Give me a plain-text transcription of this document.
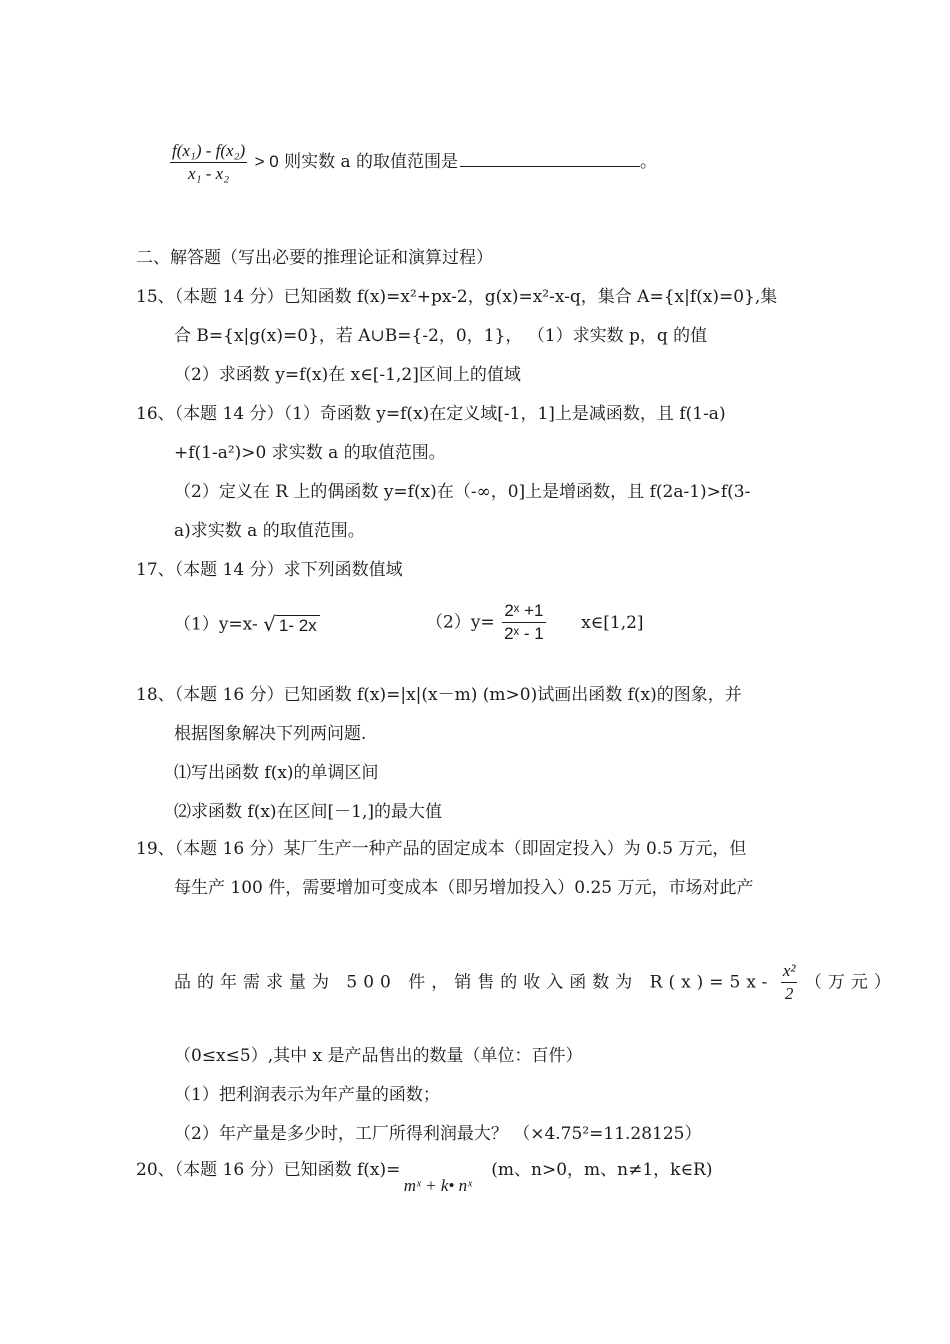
$\frac{\text{f(x₁) - f(x₂)}}{\text{x₁ - x₂}} > 0$ 则实数 a 的取值范围是	。
二、解答题（写出必要的推理论证和演算过程）
15、（本题 14 分）已知函数 f(x)=x²+px-2，g(x)=x²-x-q，集合 A={x|f(x)=0},集
合 B={x|g(x)=0}，若 A∪B={-2，0，1}， （1）求实数 p，q 的值
（2）求函数 y=f(x)在 x∈[-1,2]区间上的值域
16、（本题 14 分）（1）奇函数 y=f(x)在定义域[-1，1]上是减函数，且 f(1-a)
+f(1-a²)>0 求实数 a 的取值范围。
（2）定义在 R 上的偶函数 y=f(x)在（-∞，0]上是增函数，且 f(2a-1)>f(3-
a)求实数 a 的取值范围。
17、（本题 14 分）求下列函数值域
（1）y=x- √ 1- 2x	$(2)y= \frac{\text{2ˣ +1}}{\text{2ˣ - 1}}$ x∈[1,2]
18、（本题 16 分）已知函数 f(x)=|x|(x－m) (m>0)试画出函数 f(x)的图象，并
根据图象解决下列两问题.
⑴写出函数 f(x)的单调区间
⑵求函数 f(x)在区间[－1,]的最大值
19、（本题 16 分）某厂生产一种产品的固定成本（即固定投入）为 0.5 万元，但
每生产 100 件，需要增加可变成本（即另增加投入）0.25 万元，市场对此产
品的年需求量为 500 件，销售的收入函数为 $R(x)=5x- \frac{\text{x²}}{2}$ （万元）
（0≤x≤5）,其中 x 是产品售出的数量（单位：百件）
（1）把利润表示为年产量的函数；
（2）年产量是多少时，工厂所得利润最大？ （×4.75²=11.28125）
20、（本题 16 分）已知函数 f(x)= mˣ + k• nˣ (m、n>0，m、n≠1，k∈R)
